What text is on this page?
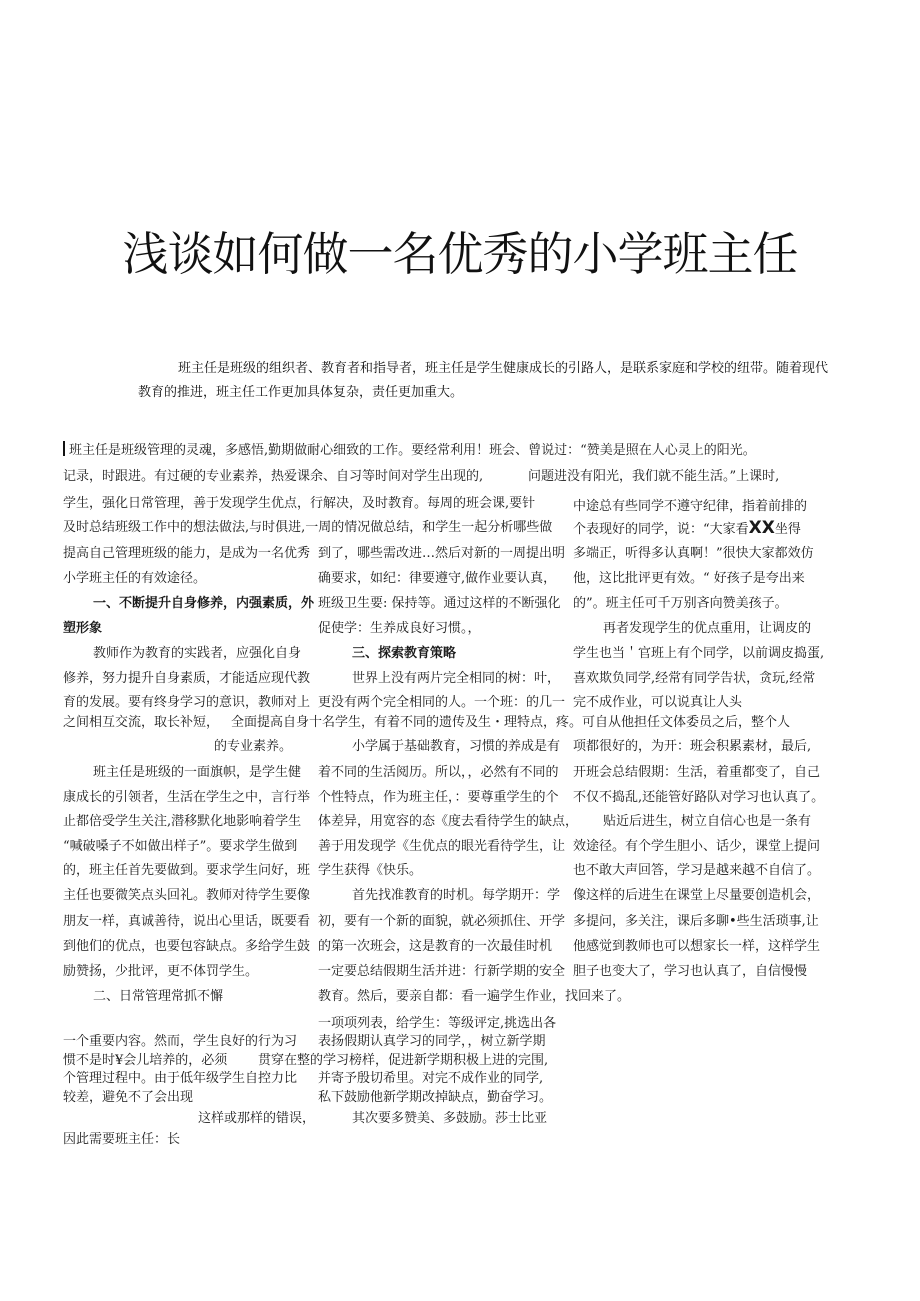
浅谈如何做一名优秀的小学班主任

班主任是班级的组织者、教育者和指导者，班主任是学生健康成长的引路人，是联系家庭和学校的纽带。随着现代教育的推进，班主任工作更加具体复杂，责任更加重大。

班主任是班级管理的灵魂，多感悟,勤期做耐心细致的工作。要经常利用！班会、曾说过：“赞美是照在人心灵上的阳光。
记录，时跟进。有过硬的专业素养，热爱课余、自习等时间对学生出现的,	问题进没有阳光，我们就不能生活。”上课时,
学生，强化日常管理，善于发现学生优点，行解决，及时教育。每周的班会课,要针	中途总有些同学不遵守纪律，指着前排的
及时总结班级工作中的想法做法,与时俱进,一周的情况做总结，和学生一起分析哪些做 个表现好的同学，说：“大家看XX坐得
提高自己管理班级的能力，是成为一名优秀 到了，哪些需改进…然后对新的一周提出明 多端正，听得多认真啊！”很快大家都效仿
小学班主任的有效途径。	确要求，如纪：律要遵守,做作业要认真， 他，这比批评更有效。“ 好孩子是夸出来
一、不断提升自身修养，内强素质，外 班级卫生要: 保持等。通过这样的不断强化 的”。班主任可千万别吝向赞美孩子。
塑形象	促使学：生养成良好习惯。，	再者发现学生的优点重用，让调皮的
教师作为教育的实践者，应强化自身	三、探索教育策略	学生也当＇官班上有个同学，以前调皮捣蛋,
修养，努力提升自身素质，才能适应现代教	世界上没有两片完全相同的树：叶， 喜欢欺负同学,经常有同学告状，贪玩,经常
育的发展。要有终身学习的意识，教师对上 更没有两个完全相同的人。一个班：的几一 完不成作业，可以说真让人头
之间相互交流，取长补短， 全面提高自身十名学生，有着不同的遗传及生・理特点，疼。可自从他担任文体委员之后，整个人
的专业素养。	小学属于基础教育，习惯的养成是有 项都很好的，为开：班会积累素材，最后,
班主任是班级的一面旗帜，是学生健 着不同的生活阅历。所以，，必然有不同的 开班会总结假期：生活，着重都变了，自己
康成长的引领者，生活在学生之中，言行举 个性特点，作为班主任，：要尊重学生的个 不仅不捣乱,还能管好路队对学习也认真了。
止都倍受学生关注,潜移默化地影响着学生 体差异，用宽容的态《度去看待学生的缺点， 贴近后进生，树立自信心也是一条有
“喊破嗓子不如做出样子”。要求学生做到 善于用发现学《生优点的眼光看待学生，让 效途径。有个学生胆小、话少，课堂上提问
的，班主任首先要做到。要求学生问好，班 学生获得《快乐。	也不敢大声回答，学习是越来越不自信了。
主任也要微笑点头回礼。教师对待学生要像	首先找准教育的时机。每学期开：学 像这样的后进生在课堂上尽量要创造机会，
朋友一样，真诚善待，说出心里话，既要看 初，要有一个新的面貌，就必须抓住、开学 多提问，多关注，课后多聊•些生活琐事,让
到他们的优点，也要包容缺点。多给学生鼓 的第一次班会，这是教育的一次最佳时机 他感觉到教师也可以想家长一样，这样学生
励赞扬，少批评，更不体罚学生。	一定要总结假期生活并进：行新学期的安全 胆子也变大了，学习也认真了，自信慢慢
二、日常管理常抓不懈	教育。然后，要亲自都：看一遍学生作业，找回来了。
一项项列表，给学生：等级评定,挑选出各
一个重要内容。然而，学生良好的行为习 表扬假期认真学习的同学，，树立新学期
惯不是时¥会儿培养的，必须 贯穿在整的学习榜样，促进新学期积极上进的完围,
个管理过程中。由于低年级学生自控力比 并寄予殷切希里。对完不成作业的同学,
较差，避免不了会出现	私下鼓励他新学期改掉缺点，勤奋学习。
这样或那样的错误，	其次要多赞美、多鼓励。莎士比亚
因此需要班主任：长
